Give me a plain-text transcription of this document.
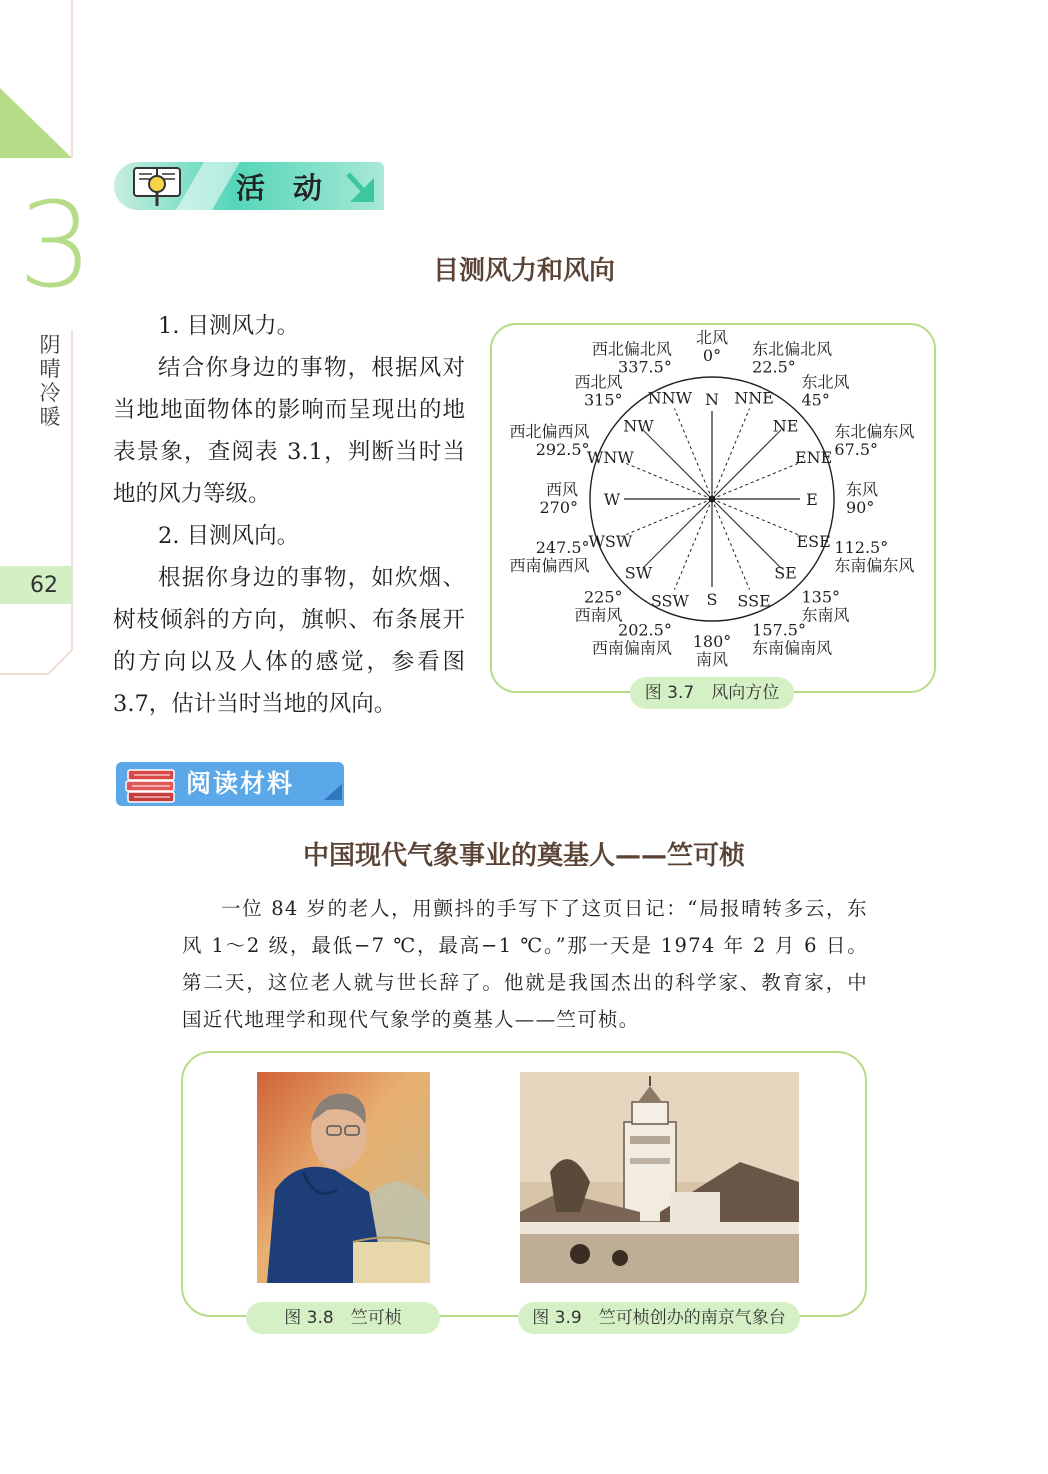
3
阴
晴
冷
暖
62
活动
目测风力和风向

1. 目测风力。

结合你身边的事物，根据风对当地地面物体的影响而呈现出的地表景象，查阅表 3.1，判断当时当地的风力等级。

2. 目测风向。

根据你身边的事物，如炊烟、树枝倾斜的方向，旗帜、布条展开的方向以及人体的感觉，参看图 3.7，估计当时当地的风向。

N
北风
0°
NNE
东北偏北风
22.5°
NE
东北风
45°
ENE
东北偏东风
67.5°
E
东风
90°
ESE
东南偏东风
112.5°
SE
东南风
135°
SSE
东南偏南风
157.5°
S
南风
180°
SSW
西南偏南风
202.5°
SW
西南风
225°
WSW
西南偏西风
247.5°
W
西风
270°
WNW
西北偏西风
292.5°
NW
西北风
315° NNW
西北偏北风
337.5°
图 3.7　风向方位
阅读材料
中国现代气象事业的奠基人——竺可桢

一位 84 岁的老人，用颤抖的手写下了这页日记：“局报晴转多云，东风 1～2 级，最低−7 ℃，最高−1 ℃。”那一天是 1974 年 2 月 6 日。第二天，这位老人就与世长辞了。他就是我国杰出的科学家、教育家，中国近代地理学和现代气象学的奠基人——竺可桢。

图 3.8　竺可桢	图 3.9　竺可桢创办的南京气象台
